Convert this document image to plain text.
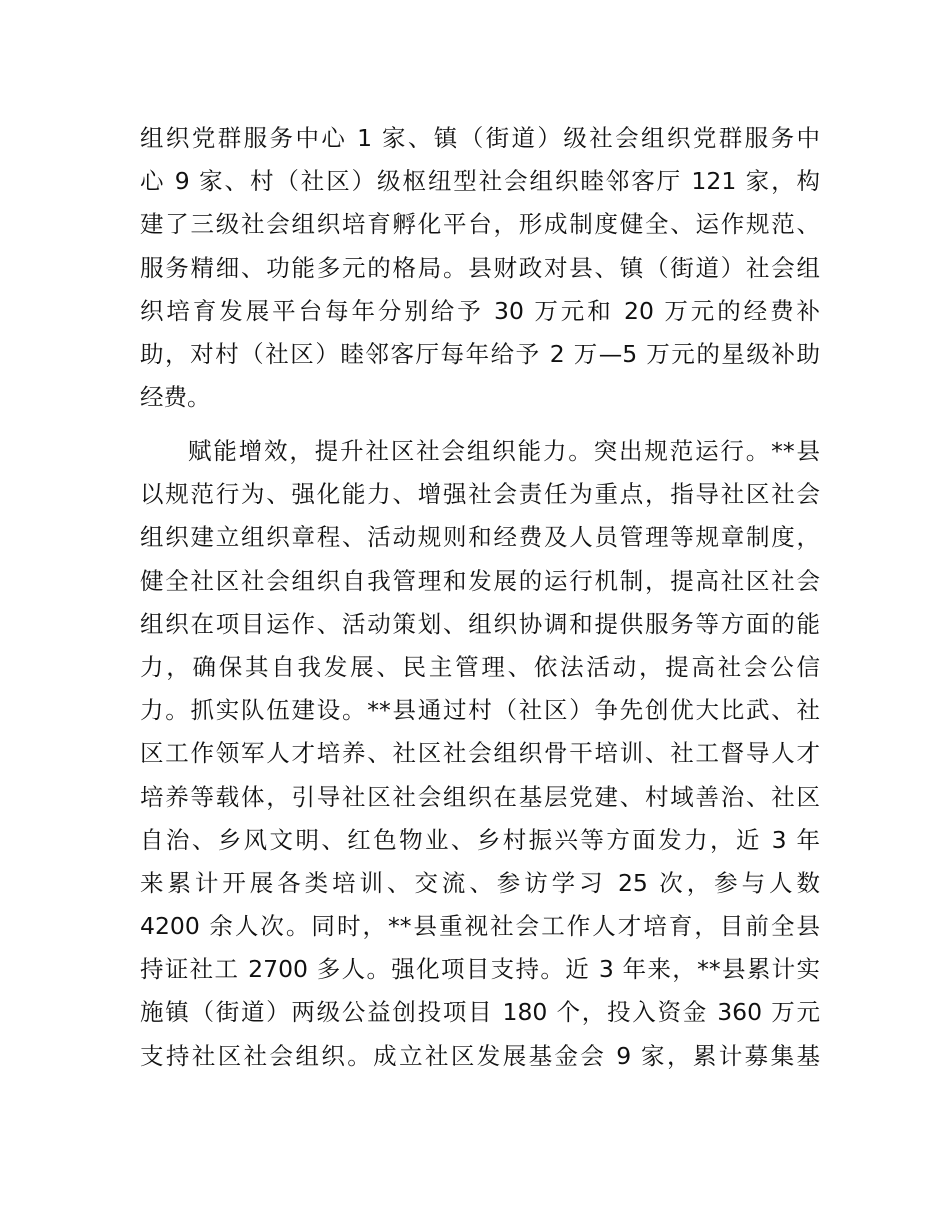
组织党群服务中心 1 家、镇（街道）级社会组织党群服务中
心 9 家、村（社区）级枢纽型社会组织睦邻客厅 121 家，构
建了三级社会组织培育孵化平台，形成制度健全、运作规范、
服务精细、功能多元的格局。县财政对县、镇（街道）社会组
织培育发展平台每年分别给予 30 万元和 20 万元的经费补
助，对村（社区）睦邻客厅每年给予 2 万—5 万元的星级补助
经费。
赋能增效，提升社区社会组织能力。突出规范运行。**县
以规范行为、强化能力、增强社会责任为重点，指导社区社会
组织建立组织章程、活动规则和经费及人员管理等规章制度，
健全社区社会组织自我管理和发展的运行机制，提高社区社会
组织在项目运作、活动策划、组织协调和提供服务等方面的能
力，确保其自我发展、民主管理、依法活动，提高社会公信
力。抓实队伍建设。**县通过村（社区）争先创优大比武、社
区工作领军人才培养、社区社会组织骨干培训、社工督导人才
培养等载体，引导社区社会组织在基层党建、村域善治、社区
自治、乡风文明、红色物业、乡村振兴等方面发力，近 3 年
来累计开展各类培训、交流、参访学习 25 次，参与人数
4200 余人次。同时，**县重视社会工作人才培育，目前全县
持证社工 2700 多人。强化项目支持。近 3 年来，**县累计实
施镇（街道）两级公益创投项目 180 个，投入资金 360 万元
支持社区社会组织。成立社区发展基金会 9 家，累计募集基
